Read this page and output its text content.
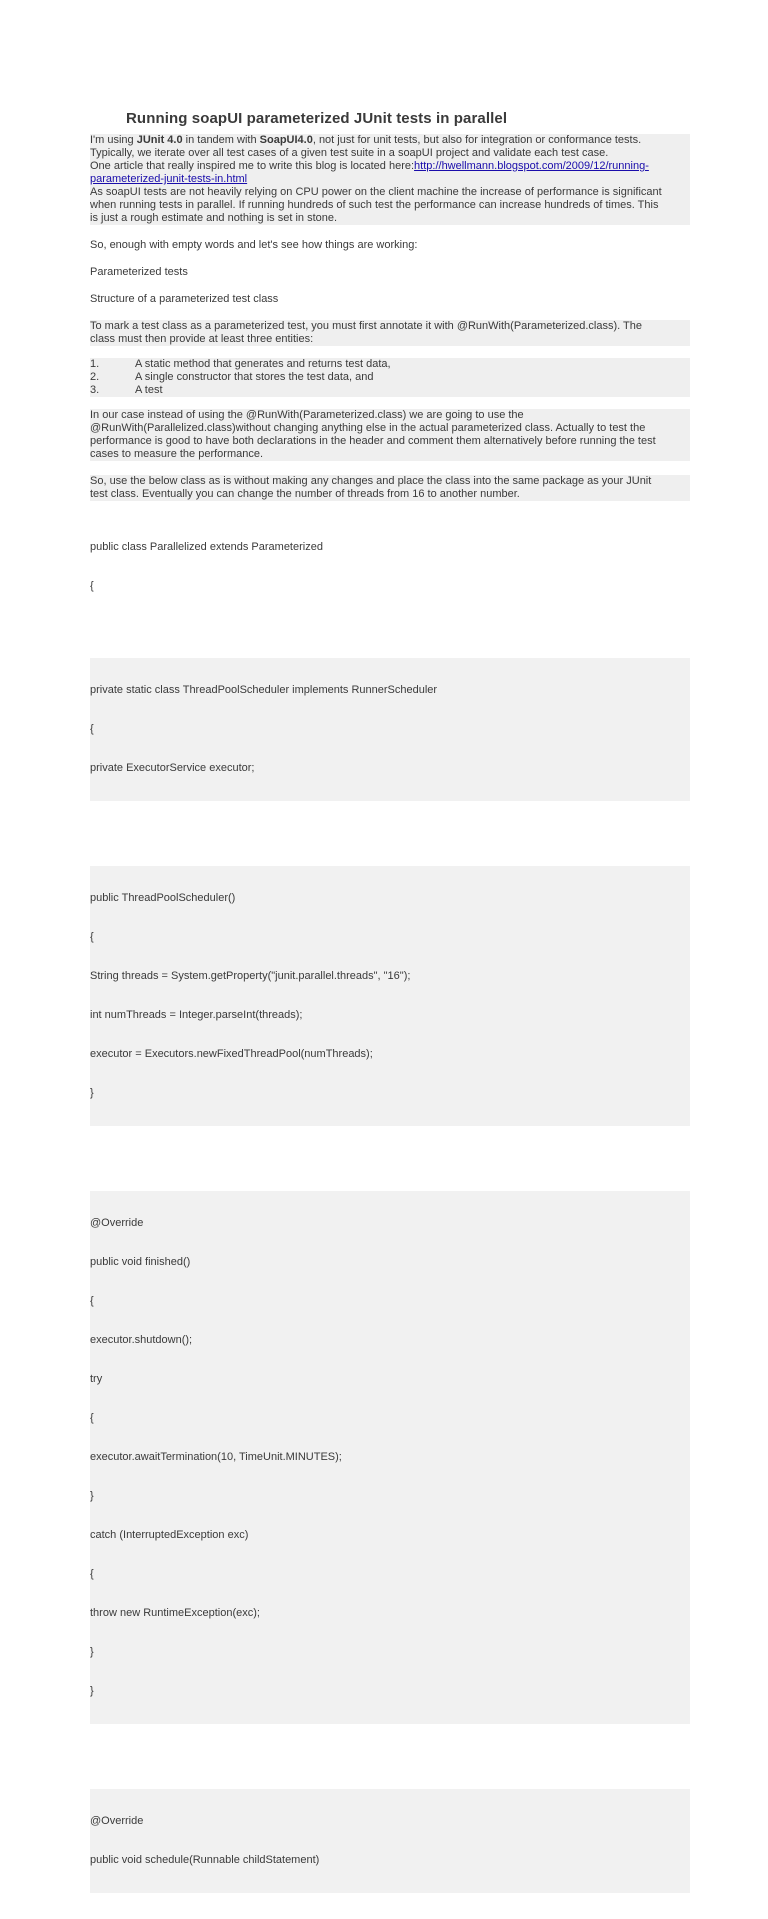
Running soapUI parameterized JUnit tests in parallel
I'm using JUnit 4.0 in tandem with SoapUI4.0, not just for unit tests, but also for integration or conformance tests.
Typically, we iterate over all test cases of a given test suite in a soapUI project and validate each test case.
One article that really inspired me to write this blog is located here:http://hwellmann.blogspot.com/2009/12/running-
parameterized-junit-tests-in.html
As soapUI tests are not heavily relying on CPU power on the client machine the increase of performance is significant
when running tests in parallel. If running hundreds of such test the performance can increase hundreds of times. This
is just a rough estimate and nothing is set in stone.
So, enough with empty words and let's see how things are working:
Parameterized tests
Structure of a parameterized test class
To mark a test class as a parameterized test, you must first annotate it with @RunWith(Parameterized.class). The
class must then provide at least three entities:
1.	A static method that generates and returns test data,
2.	A single constructor that stores the test data, and
3.	A test
In our case instead of using the @RunWith(Parameterized.class) we are going to use the
@RunWith(Parallelized.class)without changing anything else in the actual parameterized class. Actually to test the
performance is good to have both declarations in the header and comment them alternatively before running the test
cases to measure the performance.
So, use the below class as is without making any changes and place the class into the same package as your JUnit
test class. Eventually you can change the number of threads from 16 to another number.

public class Parallelized extends Parameterized

{

private static class ThreadPoolScheduler implements RunnerScheduler

{

private ExecutorService executor;

public ThreadPoolScheduler()

{

String threads = System.getProperty("junit.parallel.threads", "16");

int numThreads = Integer.parseInt(threads);

executor = Executors.newFixedThreadPool(numThreads);

}

@Override

public void finished()

{

executor.shutdown();

try

{

executor.awaitTermination(10, TimeUnit.MINUTES);

}

catch (InterruptedException exc)

{

throw new RuntimeException(exc);

}

}

@Override

public void schedule(Runnable childStatement)
